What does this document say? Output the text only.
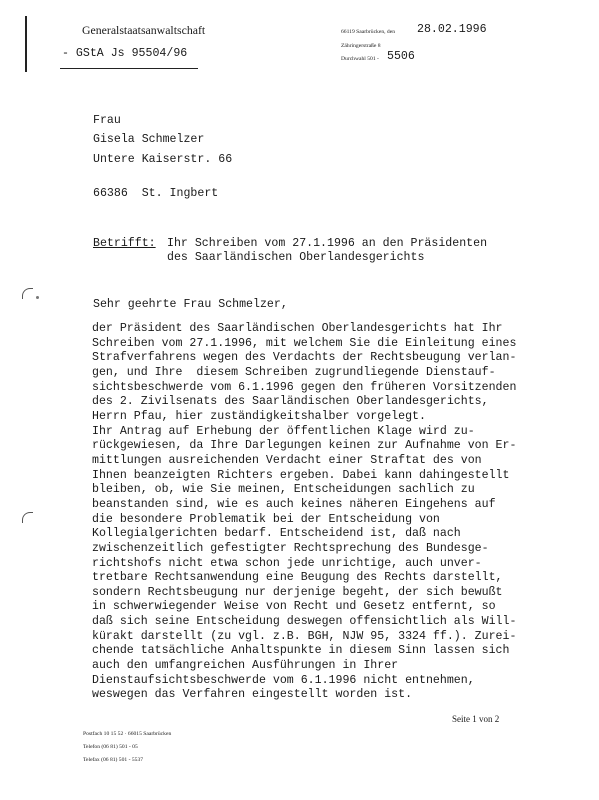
Generalstaatsanwaltschaft
- GStA Js 95504/96
66119 Saarbrücken, den 28.02.1996
Zähringerstraße 8
Durchwahl 501 - 5506
Frau
Gisela Schmelzer
Untere Kaiserstr. 66
66386  St. Ingbert
Betrifft: Ihr Schreiben vom 27.1.1996 an den Präsidenten
des Saarländischen Oberlandesgerichts
Sehr geehrte Frau Schmelzer,
der Präsident des Saarländischen Oberlandesgerichts hat Ihr
Schreiben vom 27.1.1996, mit welchem Sie die Einleitung eines
Strafverfahrens wegen des Verdachts der Rechtsbeugung verlan-
gen, und Ihre  diesem Schreiben zugrundliegende Dienstauf-
sichtsbeschwerde vom 6.1.1996 gegen den früheren Vorsitzenden
des 2. Zivilsenats des Saarländischen Oberlandesgerichts,
Herrn Pfau, hier zuständigkeitshalber vorgelegt.
Ihr Antrag auf Erhebung der öffentlichen Klage wird zu-
rückgewiesen, da Ihre Darlegungen keinen zur Aufnahme von Er-
mittlungen ausreichenden Verdacht einer Straftat des von
Ihnen beanzeigten Richters ergeben. Dabei kann dahingestellt
bleiben, ob, wie Sie meinen, Entscheidungen sachlich zu
beanstanden sind, wie es auch keines näheren Eingehens auf
die besondere Problematik bei der Entscheidung von
Kollegialgerichten bedarf. Entscheidend ist, daß nach
zwischenzeitlich gefestigter Rechtsprechung des Bundesge-
richtshofs nicht etwa schon jede unrichtige, auch unver-
tretbare Rechtsanwendung eine Beugung des Rechts darstellt,
sondern Rechtsbeugung nur derjenige begeht, der sich bewußt
in schwerwiegender Weise von Recht und Gesetz entfernt, so
daß sich seine Entscheidung deswegen offensichtlich als Will-
kürakt darstellt (zu vgl. z.B. BGH, NJW 95, 3324 ff.). Zurei-
chende tatsächliche Anhaltspunkte in diesem Sinn lassen sich
auch den umfangreichen Ausführungen in Ihrer
Dienstaufsichtsbeschwerde vom 6.1.1996 nicht entnehmen,
weswegen das Verfahren eingestellt worden ist.
Seite 1 von 2
Postfach 10 15 52 · 66015 Saarbrücken
Telefon (06 81) 501 - 05
Telefax (06 81) 501 - 5537
